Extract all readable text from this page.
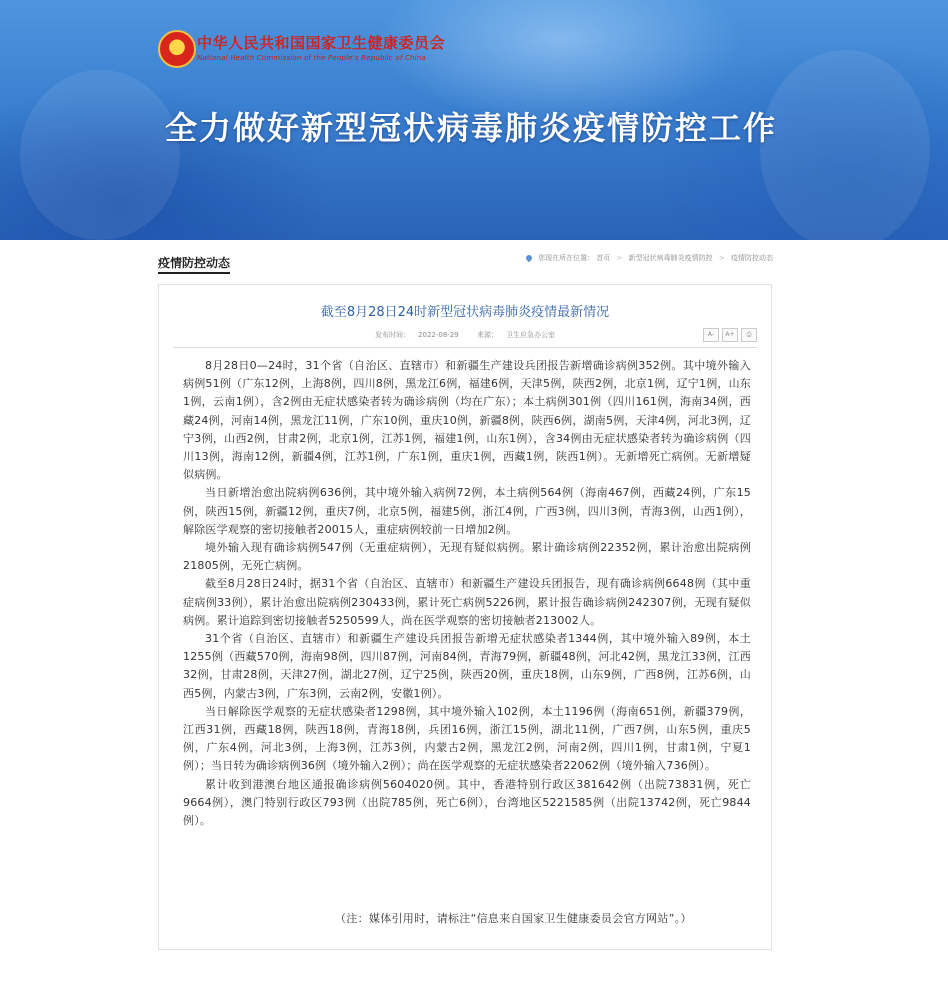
中华人民共和国国家卫生健康委员会
National Health Commission of the People's Republic of China
全力做好新型冠状病毒肺炎疫情防控工作
疫情防控动态	您现在所在位置： 首页 > 新型冠状病毒肺炎疫情防控 > 疫情防控动态
截至8月28日24时新型冠状病毒肺炎疫情最新情况
发布时间： 2022-08-29	来源： 卫生应急办公室	A-	A+	⎙

8月28日0—24时，31个省（自治区、直辖市）和新疆生产建设兵团报告新增确诊病例352例。其中境外输入病例51例（广东12例，上海8例，四川8例，黑龙江6例，福建6例，天津5例，陕西2例，北京1例，辽宁1例，山东1例，云南1例），含2例由无症状感染者转为确诊病例（均在广东）；本土病例301例（四川161例，海南34例，西藏24例，河南14例，黑龙江11例，广东10例，重庆10例，新疆8例，陕西6例，湖南5例，天津4例，河北3例，辽宁3例，山西2例，甘肃2例，北京1例，江苏1例，福建1例，山东1例），含34例由无症状感染者转为确诊病例（四川13例，海南12例，新疆4例，江苏1例，广东1例，重庆1例，西藏1例，陕西1例）。无新增死亡病例。无新增疑似病例。

当日新增治愈出院病例636例，其中境外输入病例72例，本土病例564例（海南467例，西藏24例，广东15例，陕西15例，新疆12例，重庆7例，北京5例，福建5例，浙江4例，广西3例，四川3例，青海3例，山西1例），解除医学观察的密切接触者20015人，重症病例较前一日增加2例。

境外输入现有确诊病例547例（无重症病例），无现有疑似病例。累计确诊病例22352例，累计治愈出院病例21805例，无死亡病例。

截至8月28日24时，据31个省（自治区、直辖市）和新疆生产建设兵团报告，现有确诊病例6648例（其中重症病例33例），累计治愈出院病例230433例，累计死亡病例5226例，累计报告确诊病例242307例，无现有疑似病例。累计追踪到密切接触者5250599人，尚在医学观察的密切接触者213002人。

31个省（自治区、直辖市）和新疆生产建设兵团报告新增无症状感染者1344例，其中境外输入89例，本土1255例（西藏570例，海南98例，四川87例，河南84例，青海79例，新疆48例，河北42例，黑龙江33例，江西32例，甘肃28例，天津27例，湖北27例，辽宁25例，陕西20例，重庆18例，山东9例，广西8例，江苏6例，山西5例，内蒙古3例，广东3例，云南2例，安徽1例）。

当日解除医学观察的无症状感染者1298例，其中境外输入102例，本土1196例（海南651例，新疆379例，江西31例，西藏18例，陕西18例，青海18例，兵团16例，浙江15例，湖北11例，广西7例，山东5例，重庆5例，广东4例，河北3例，上海3例，江苏3例，内蒙古2例，黑龙江2例，河南2例，四川1例，甘肃1例，宁夏1例）；当日转为确诊病例36例（境外输入2例）；尚在医学观察的无症状感染者22062例（境外输入736例）。

累计收到港澳台地区通报确诊病例5604020例。其中，香港特别行政区381642例（出院73831例，死亡9664例），澳门特别行政区793例（出院785例，死亡6例），台湾地区5221585例（出院13742例，死亡9844例）。

（注：媒体引用时，请标注“信息来自国家卫生健康委员会官方网站”。）
